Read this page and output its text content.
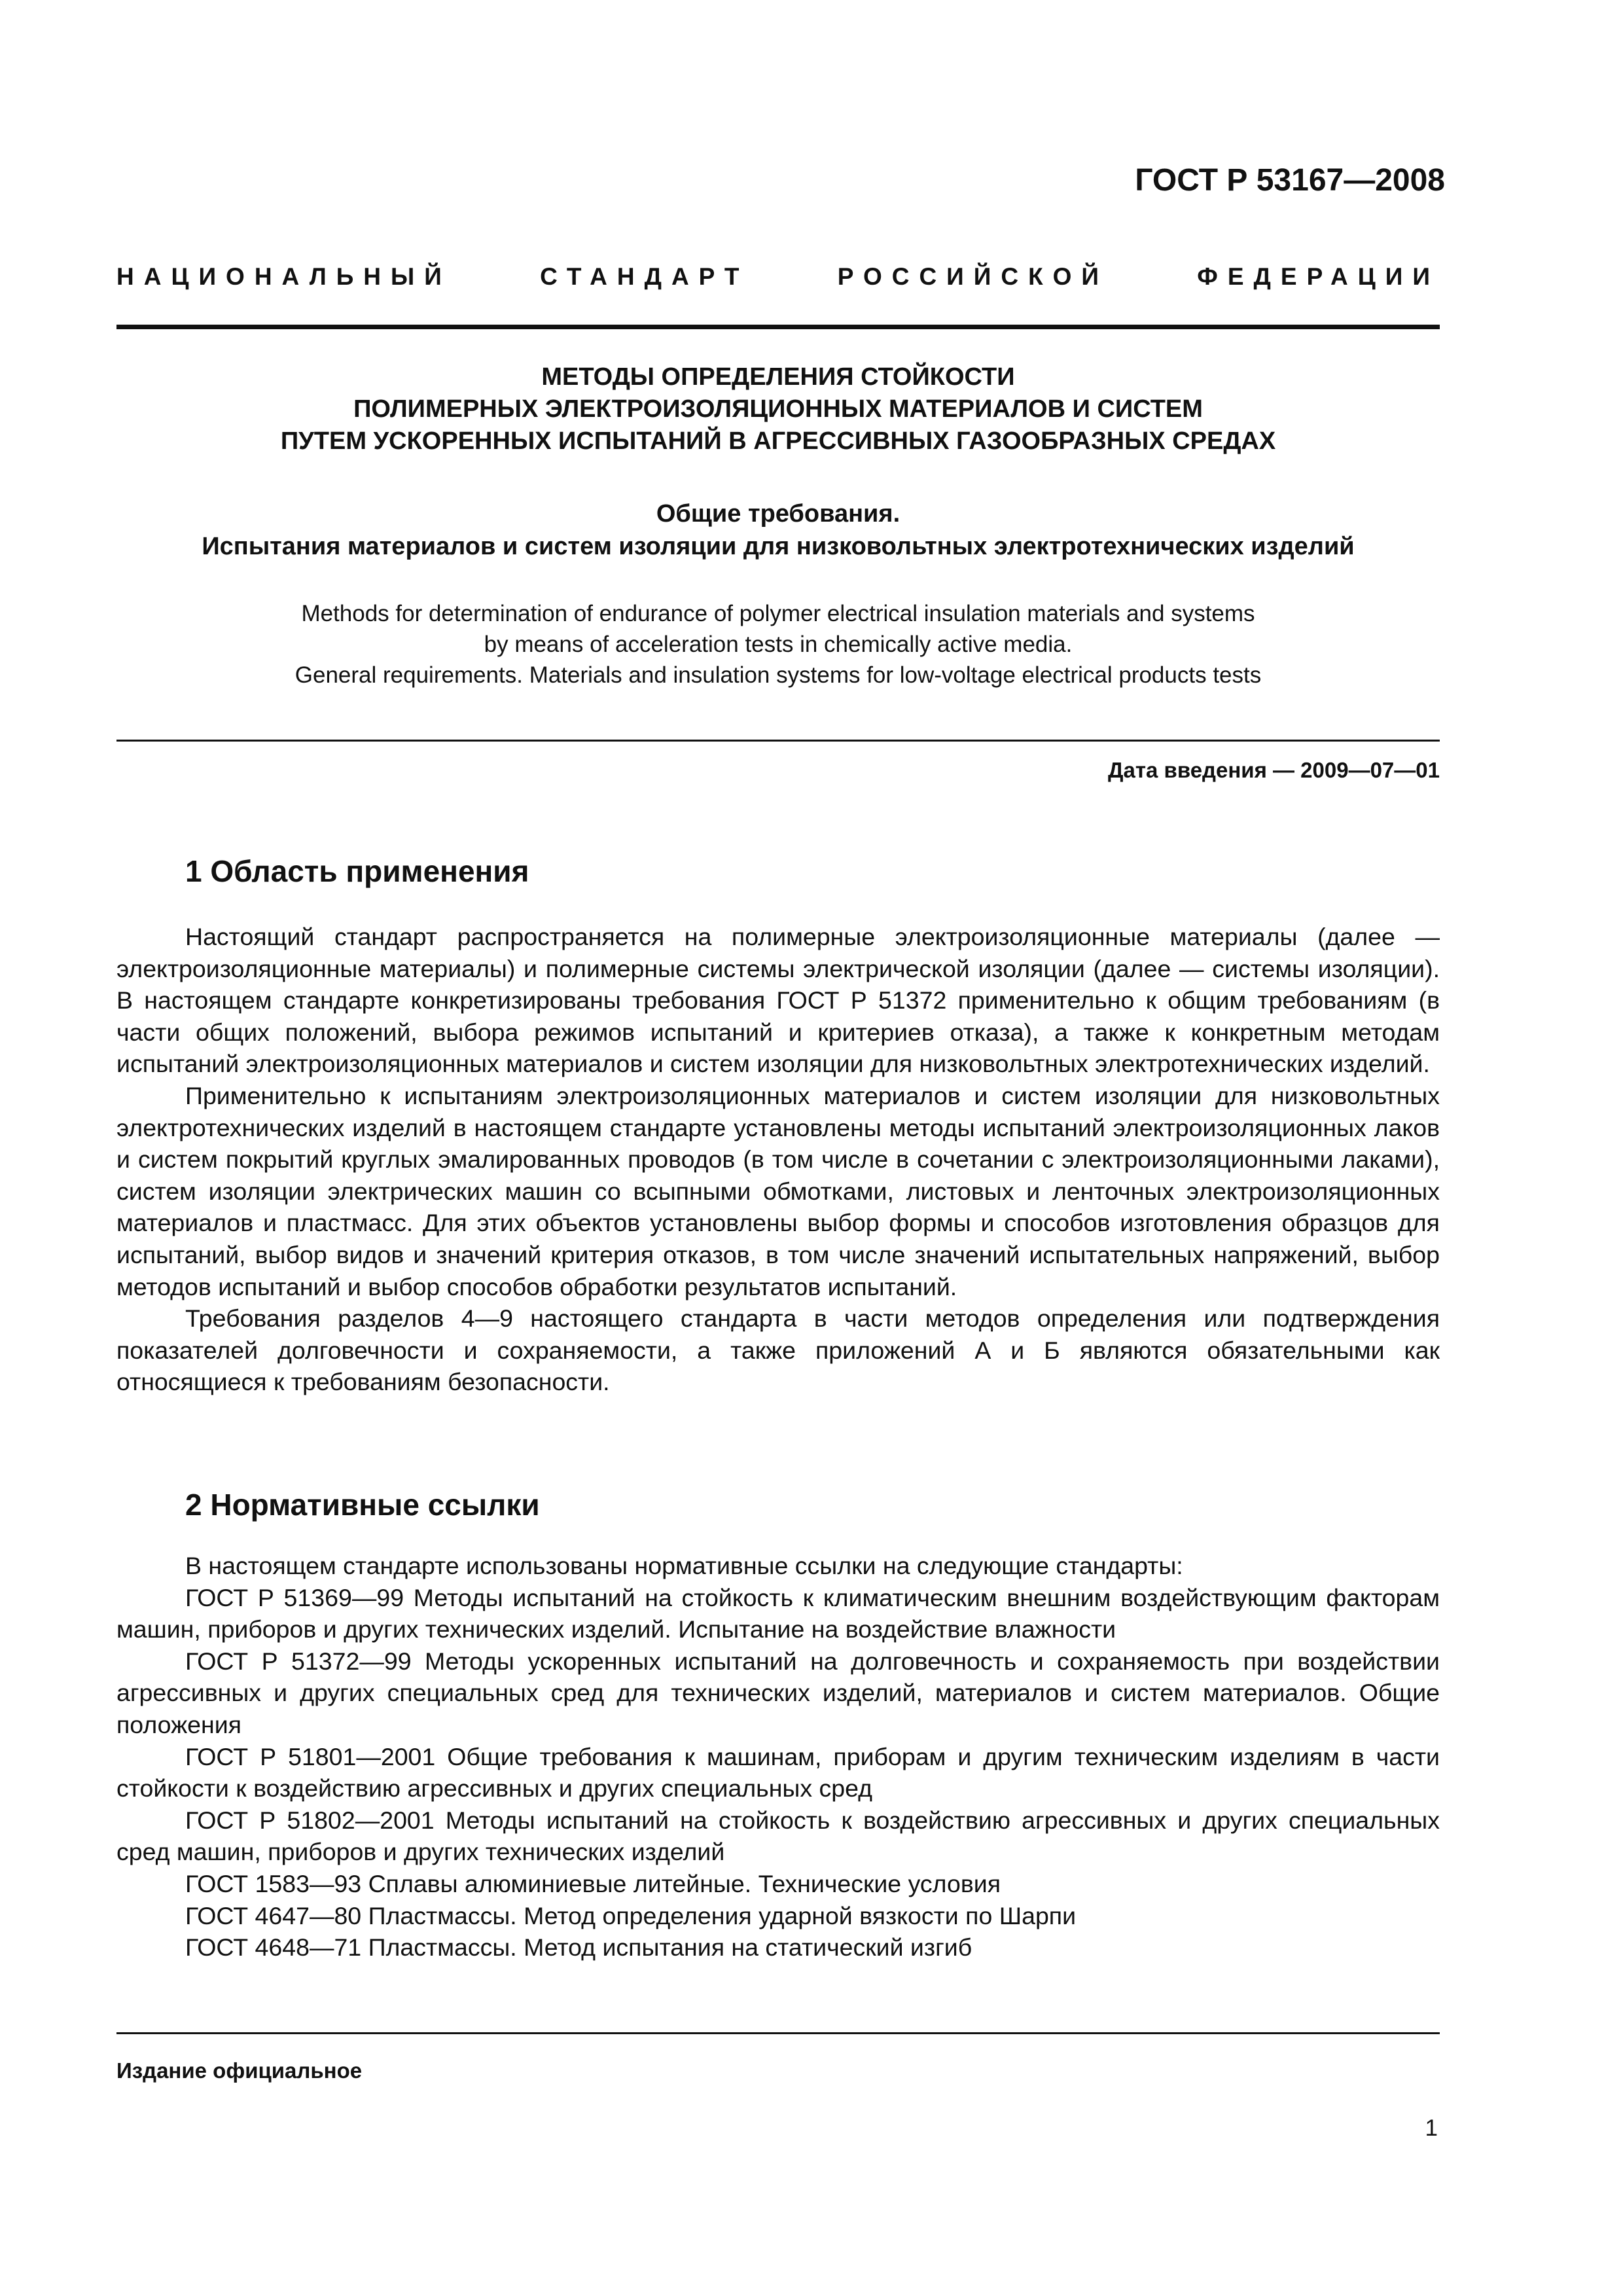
ГОСТ Р 53167—2008
НАЦИОНАЛЬНЫЙ	СТАНДАРТ	РОССИЙСКОЙ	ФЕДЕРАЦИИ
МЕТОДЫ ОПРЕДЕЛЕНИЯ СТОЙКОСТИ
ПОЛИМЕРНЫХ ЭЛЕКТРОИЗОЛЯЦИОННЫХ МАТЕРИАЛОВ И СИСТЕМ
ПУТЕМ УСКОРЕННЫХ ИСПЫТАНИЙ В АГРЕССИВНЫХ ГАЗООБРАЗНЫХ СРЕДАХ
Общие требования.
Испытания материалов и систем изоляции для низковольтных электротехнических изделий
Methods for determination of endurance of polymer electrical insulation materials and systems
by means of acceleration tests in chemically active media.
General requirements. Materials and insulation systems for low-voltage electrical products tests
Дата введения — 2009—07—01
1 Область применения

Настоящий стандарт распространяется на полимерные электроизоляционные материалы (далее — электроизоляционные материалы) и полимерные системы электрической изоляции (далее — системы изоляции). В настоящем стандарте конкретизированы требования ГОСТ Р 51372 применительно к общим требованиям (в части общих положений, выбора режимов испытаний и критериев отказа), а также к конкретным методам испытаний электроизоляционных материалов и систем изоляции для низковольтных электротехнических изделий.

Применительно к испытаниям электроизоляционных материалов и систем изоляции для низковольтных электротехнических изделий в настоящем стандарте установлены методы испытаний электроизоляционных лаков и систем покрытий круглых эмалированных проводов (в том числе в сочетании с электроизоляционными лаками), систем изоляции электрических машин со всыпными обмотками, листовых и ленточных электроизоляционных материалов и пластмасс. Для этих объектов установлены выбор формы и способов изготовления образцов для испытаний, выбор видов и значений критерия отказов, в том числе значений испытательных напряжений, выбор методов испытаний и выбор способов обработки результатов испытаний.

Требования разделов 4—9 настоящего стандарта в части методов определения или подтверждения показателей долговечности и сохраняемости, а также приложений А и Б являются обязательными как относящиеся к требованиям безопасности.

2 Нормативные ссылки

В настоящем стандарте использованы нормативные ссылки на следующие стандарты:

ГОСТ Р 51369—99 Методы испытаний на стойкость к климатическим внешним воздействующим факторам машин, приборов и других технических изделий. Испытание на воздействие влажности

ГОСТ Р 51372—99 Методы ускоренных испытаний на долговечность и сохраняемость при воздействии агрессивных и других специальных сред для технических изделий, материалов и систем материалов. Общие положения

ГОСТ Р 51801—2001 Общие требования к машинам, приборам и другим техническим изделиям в части стойкости к воздействию агрессивных и других специальных сред

ГОСТ Р 51802—2001 Методы испытаний на стойкость к воздействию агрессивных и других специальных сред машин, приборов и других технических изделий

ГОСТ 1583—93 Сплавы алюминиевые литейные. Технические условия

ГОСТ 4647—80 Пластмассы. Метод определения ударной вязкости по Шарпи

ГОСТ 4648—71 Пластмассы. Метод испытания на статический изгиб

Издание официальное
1
